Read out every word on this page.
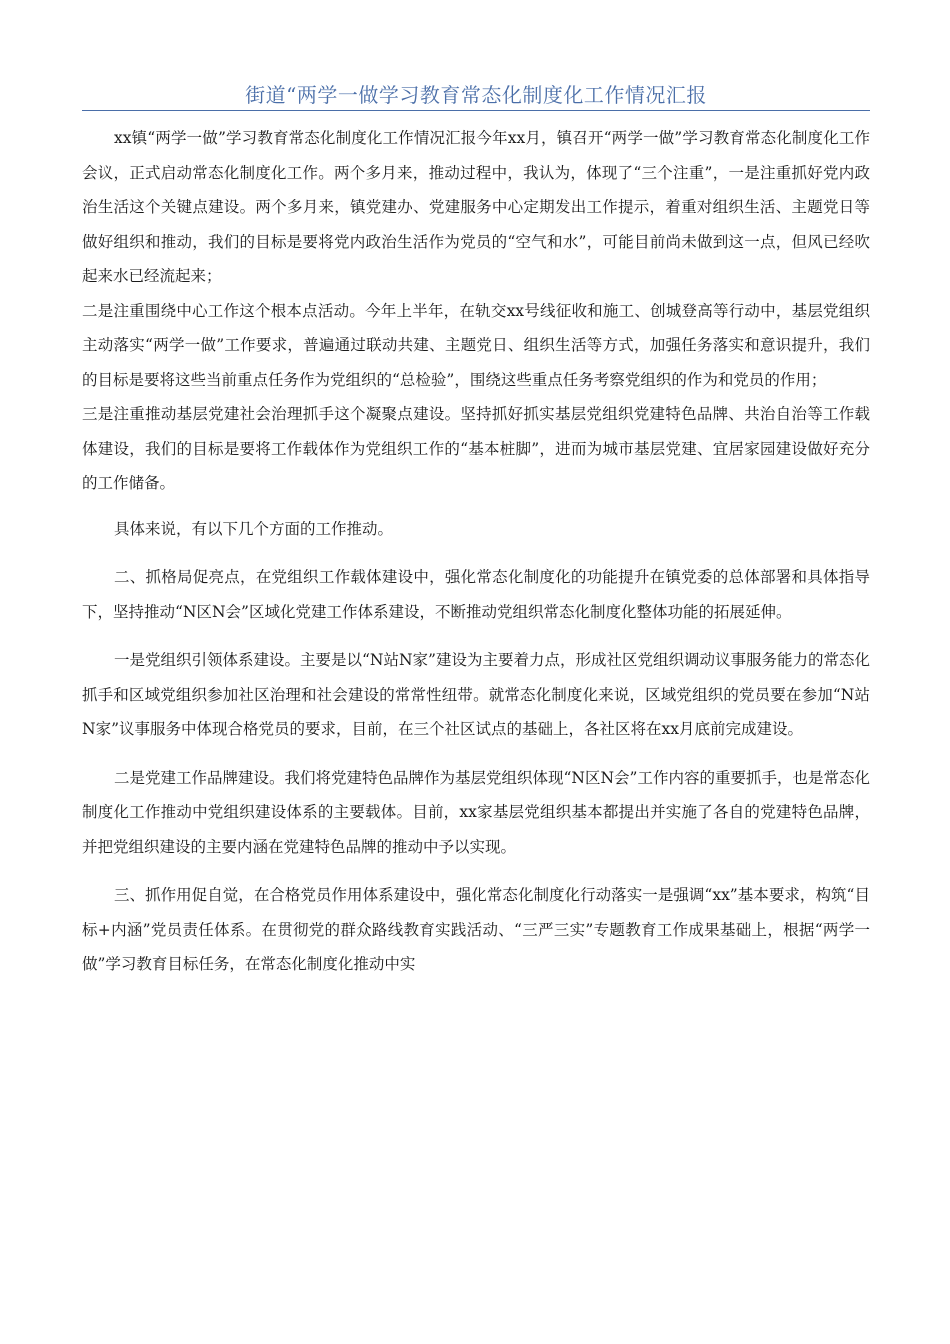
街道“两学一做学习教育常态化制度化工作情况汇报

xx镇“两学一做”学习教育常态化制度化工作情况汇报今年xx月，镇召开“两学一做”学习教育常态化制度化工作会议，正式启动常态化制度化工作。两个多月来，推动过程中，我认为，体现了“三个注重”，一是注重抓好党内政治生活这个关键点建设。两个多月来，镇党建办、党建服务中心定期发出工作提示，着重对组织生活、主题党日等做好组织和推动，我们的目标是要将党内政治生活作为党员的“空气和水”，可能目前尚未做到这一点，但风已经吹起来水已经流起来；

二是注重围绕中心工作这个根本点活动。今年上半年，在轨交xx号线征收和施工、创城登高等行动中，基层党组织主动落实“两学一做”工作要求，普遍通过联动共建、主题党日、组织生活等方式，加强任务落实和意识提升，我们的目标是要将这些当前重点任务作为党组织的“总检验”，围绕这些重点任务考察党组织的作为和党员的作用；

三是注重推动基层党建社会治理抓手这个凝聚点建设。坚持抓好抓实基层党组织党建特色品牌、共治自治等工作载体建设，我们的目标是要将工作载体作为党组织工作的“基本桩脚”，进而为城市基层党建、宜居家园建设做好充分的工作储备。

具体来说，有以下几个方面的工作推动。

二、抓格局促亮点，在党组织工作载体建设中，强化常态化制度化的功能提升在镇党委的总体部署和具体指导下，坚持推动“N区N会”区域化党建工作体系建设，不断推动党组织常态化制度化整体功能的拓展延伸。

一是党组织引领体系建设。主要是以“N站N家”建设为主要着力点，形成社区党组织调动议事服务能力的常态化抓手和区域党组织参加社区治理和社会建设的常常性纽带。就常态化制度化来说，区域党组织的党员要在参加“N站N家”议事服务中体现合格党员的要求，目前，在三个社区试点的基础上，各社区将在xx月底前完成建设。

二是党建工作品牌建设。我们将党建特色品牌作为基层党组织体现“N区N会”工作内容的重要抓手，也是常态化制度化工作推动中党组织建设体系的主要载体。目前，xx家基层党组织基本都提出并实施了各自的党建特色品牌，并把党组织建设的主要内涵在党建特色品牌的推动中予以实现。

三、抓作用促自觉，在合格党员作用体系建设中，强化常态化制度化行动落实一是强调“xx”基本要求，构筑“目标+内涵”党员责任体系。在贯彻党的群众路线教育实践活动、“三严三实”专题教育工作成果基础上，根据“两学一做”学习教育目标任务，在常态化制度化推动中实
